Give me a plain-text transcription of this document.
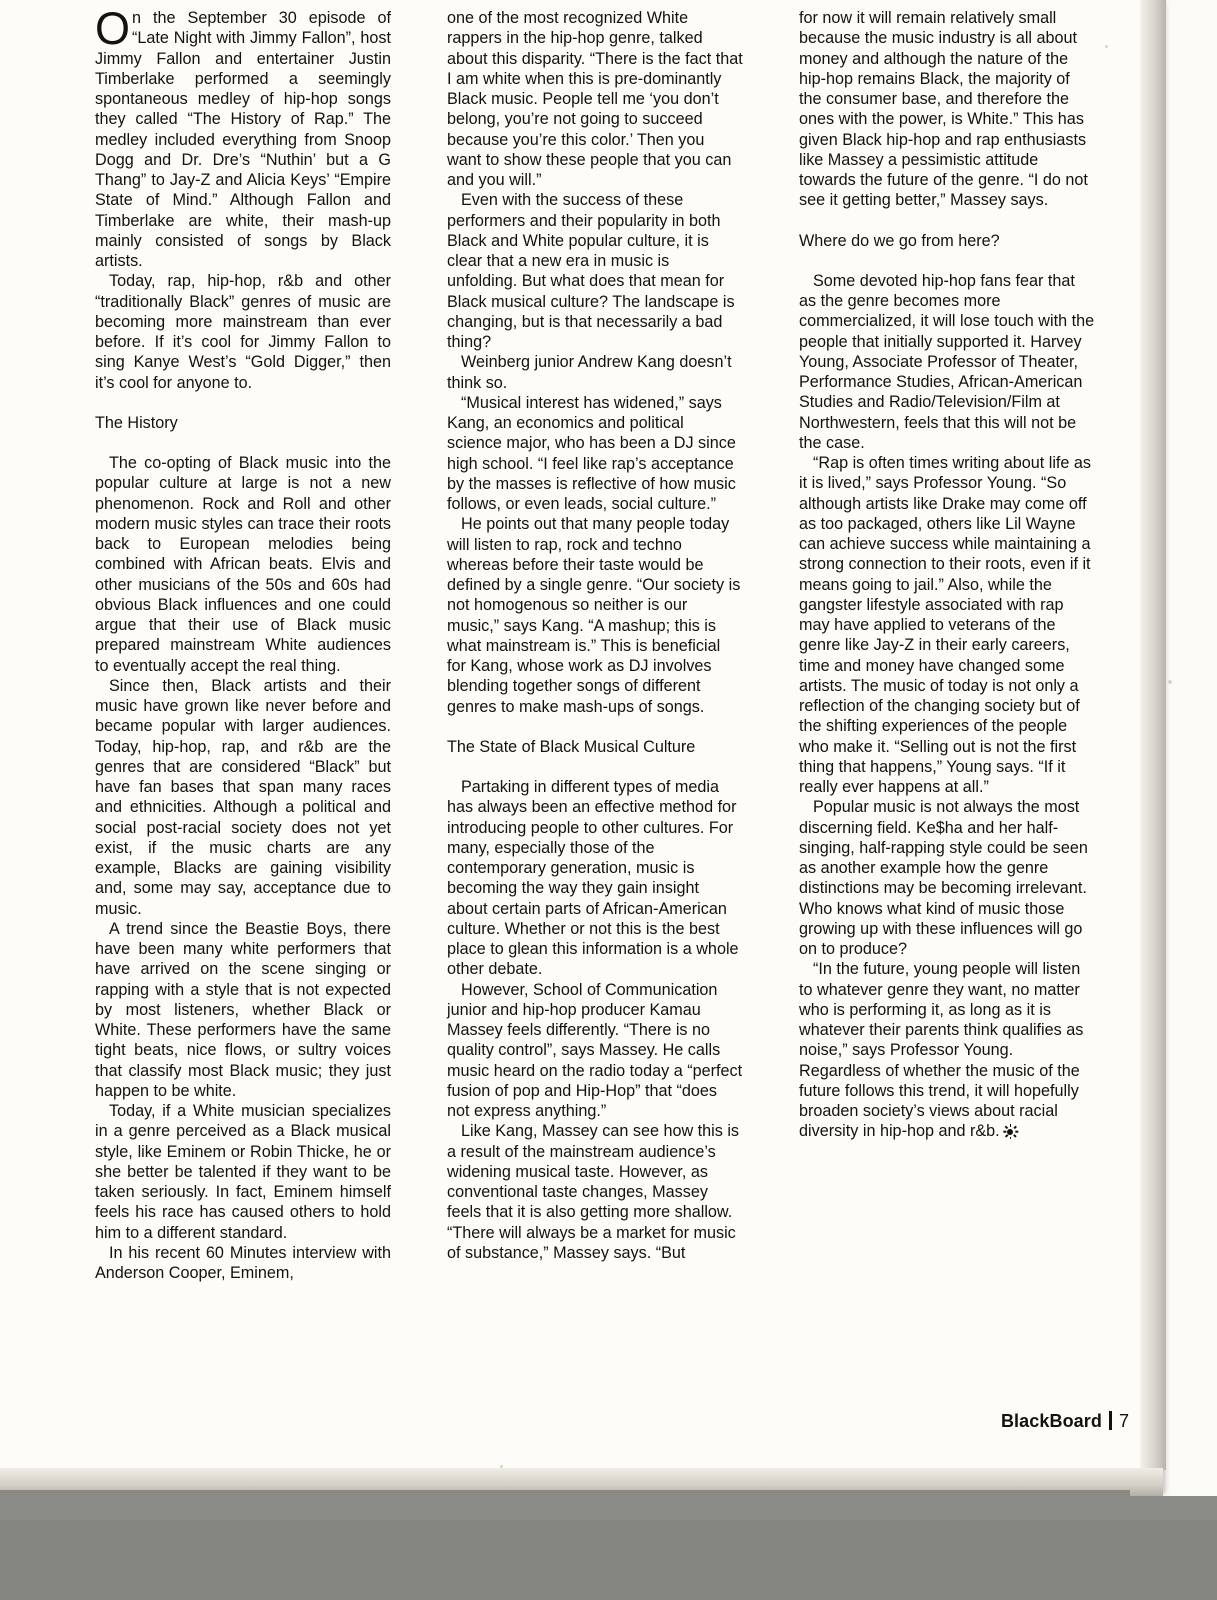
On the September 30 episode of “Late Night with Jimmy Fallon”, host Jimmy Fallon and entertainer Justin Timberlake performed a seemingly spontaneous medley of hip-hop songs they called “The History of Rap.” The medley included everything from Snoop Dogg and Dr. Dre’s “Nuthin’ but a G Thang” to Jay-Z and Alicia Keys’ “Empire State of Mind.” Although Fallon and Timberlake are white, their mash-up mainly consisted of songs by Black artists.

Today, rap, hip-hop, r&b and other “traditionally Black” genres of music are becoming more mainstream than ever before. If it’s cool for Jimmy Fallon to sing Kanye West’s “Gold Digger,” then it’s cool for anyone to.

The History

The co-opting of Black music into the popular culture at large is not a new phenomenon. Rock and Roll and other modern music styles can trace their roots back to European melodies being combined with African beats. Elvis and other musicians of the 50s and 60s had obvious Black influences and one could argue that their use of Black music prepared mainstream White audiences to eventually accept the real thing.

Since then, Black artists and their music have grown like never before and became popular with larger audiences. Today, hip-hop, rap, and r&b are the genres that are considered “Black” but have fan bases that span many races and ethnicities. Although a political and social post-racial society does not yet exist, if the music charts are any example, Blacks are gaining visibility and, some may say, acceptance due to music.

A trend since the Beastie Boys, there have been many white performers that have arrived on the scene singing or rapping with a style that is not expected by most listeners, whether Black or White. These performers have the same tight beats, nice flows, or sultry voices that classify most Black music; they just happen to be white.

Today, if a White musician specializes in a genre perceived as a Black musical style, like Eminem or Robin Thicke, he or she better be talented if they want to be taken seriously. In fact, Eminem himself feels his race has caused others to hold him to a different standard.

In his recent 60 Minutes interview with Anderson Cooper, Eminem,

one of the most recognized White rappers in the hip-hop genre, talked about this disparity. “There is the fact that I am white when this is pre-dominantly Black music. People tell me ‘you don’t belong, you’re not going to succeed because you’re this color.’ Then you want to show these people that you can and you will.”

Even with the success of these performers and their popularity in both Black and White popular culture, it is clear that a new era in music is unfolding. But what does that mean for Black musical culture? The landscape is changing, but is that necessarily a bad thing?

Weinberg junior Andrew Kang doesn’t think so.

“Musical interest has widened,” says Kang, an economics and political science major, who has been a DJ since high school. “I feel like rap’s acceptance by the masses is reflective of how music follows, or even leads, social culture.”

He points out that many people today will listen to rap, rock and techno whereas before their taste would be defined by a single genre. “Our society is not homogenous so neither is our music,” says Kang. “A mashup; this is what mainstream is.” This is beneficial for Kang, whose work as DJ involves blending together songs of different genres to make mash-ups of songs.

The State of Black Musical Culture

Partaking in different types of media has always been an effective method for introducing people to other cultures. For many, especially those of the contemporary generation, music is becoming the way they gain insight about certain parts of African-American culture. Whether or not this is the best place to glean this information is a whole other debate.

However, School of Communication junior and hip-hop producer Kamau Massey feels differently. “There is no quality control”, says Massey. He calls music heard on the radio today a “perfect fusion of pop and Hip-Hop” that “does not express anything.”

Like Kang, Massey can see how this is a result of the mainstream audience’s widening musical taste. However, as conventional taste changes, Massey feels that it is also getting more shallow. “There will always be a market for music of substance,” Massey says. “But

for now it will remain relatively small because the music industry is all about money and although the nature of the hip-hop remains Black, the majority of the consumer base, and therefore the ones with the power, is White.” This has given Black hip-hop and rap enthusiasts like Massey a pessimistic attitude towards the future of the genre. “I do not see it getting better,” Massey says.

Where do we go from here?

Some devoted hip-hop fans fear that as the genre becomes more commercialized, it will lose touch with the people that initially supported it. Harvey Young, Associate Professor of Theater, Performance Studies, African-American Studies and Radio/Television/Film at Northwestern, feels that this will not be the case.

“Rap is often times writing about life as it is lived,” says Professor Young. “So although artists like Drake may come off as too packaged, others like Lil Wayne can achieve success while maintaining a strong connection to their roots, even if it means going to jail.” Also, while the gangster lifestyle associated with rap may have applied to veterans of the genre like Jay-Z in their early careers, time and money have changed some artists. The music of today is not only a reflection of the changing society but of the shifting experiences of the people who make it. “Selling out is not the first thing that happens,” Young says. “If it really ever happens at all.”

Popular music is not always the most discerning field. Ke$ha and her half-singing, half-rapping style could be seen as another example how the genre distinctions may be becoming irrelevant. Who knows what kind of music those growing up with these influences will go on to produce?

“In the future, young people will listen to whatever genre they want, no matter who is performing it, as long as it is whatever their parents think qualifies as noise,” says Professor Young. Regardless of whether the music of the future follows this trend, it will hopefully broaden society’s views about racial diversity in hip-hop and r&b.

BlackBoard 7
